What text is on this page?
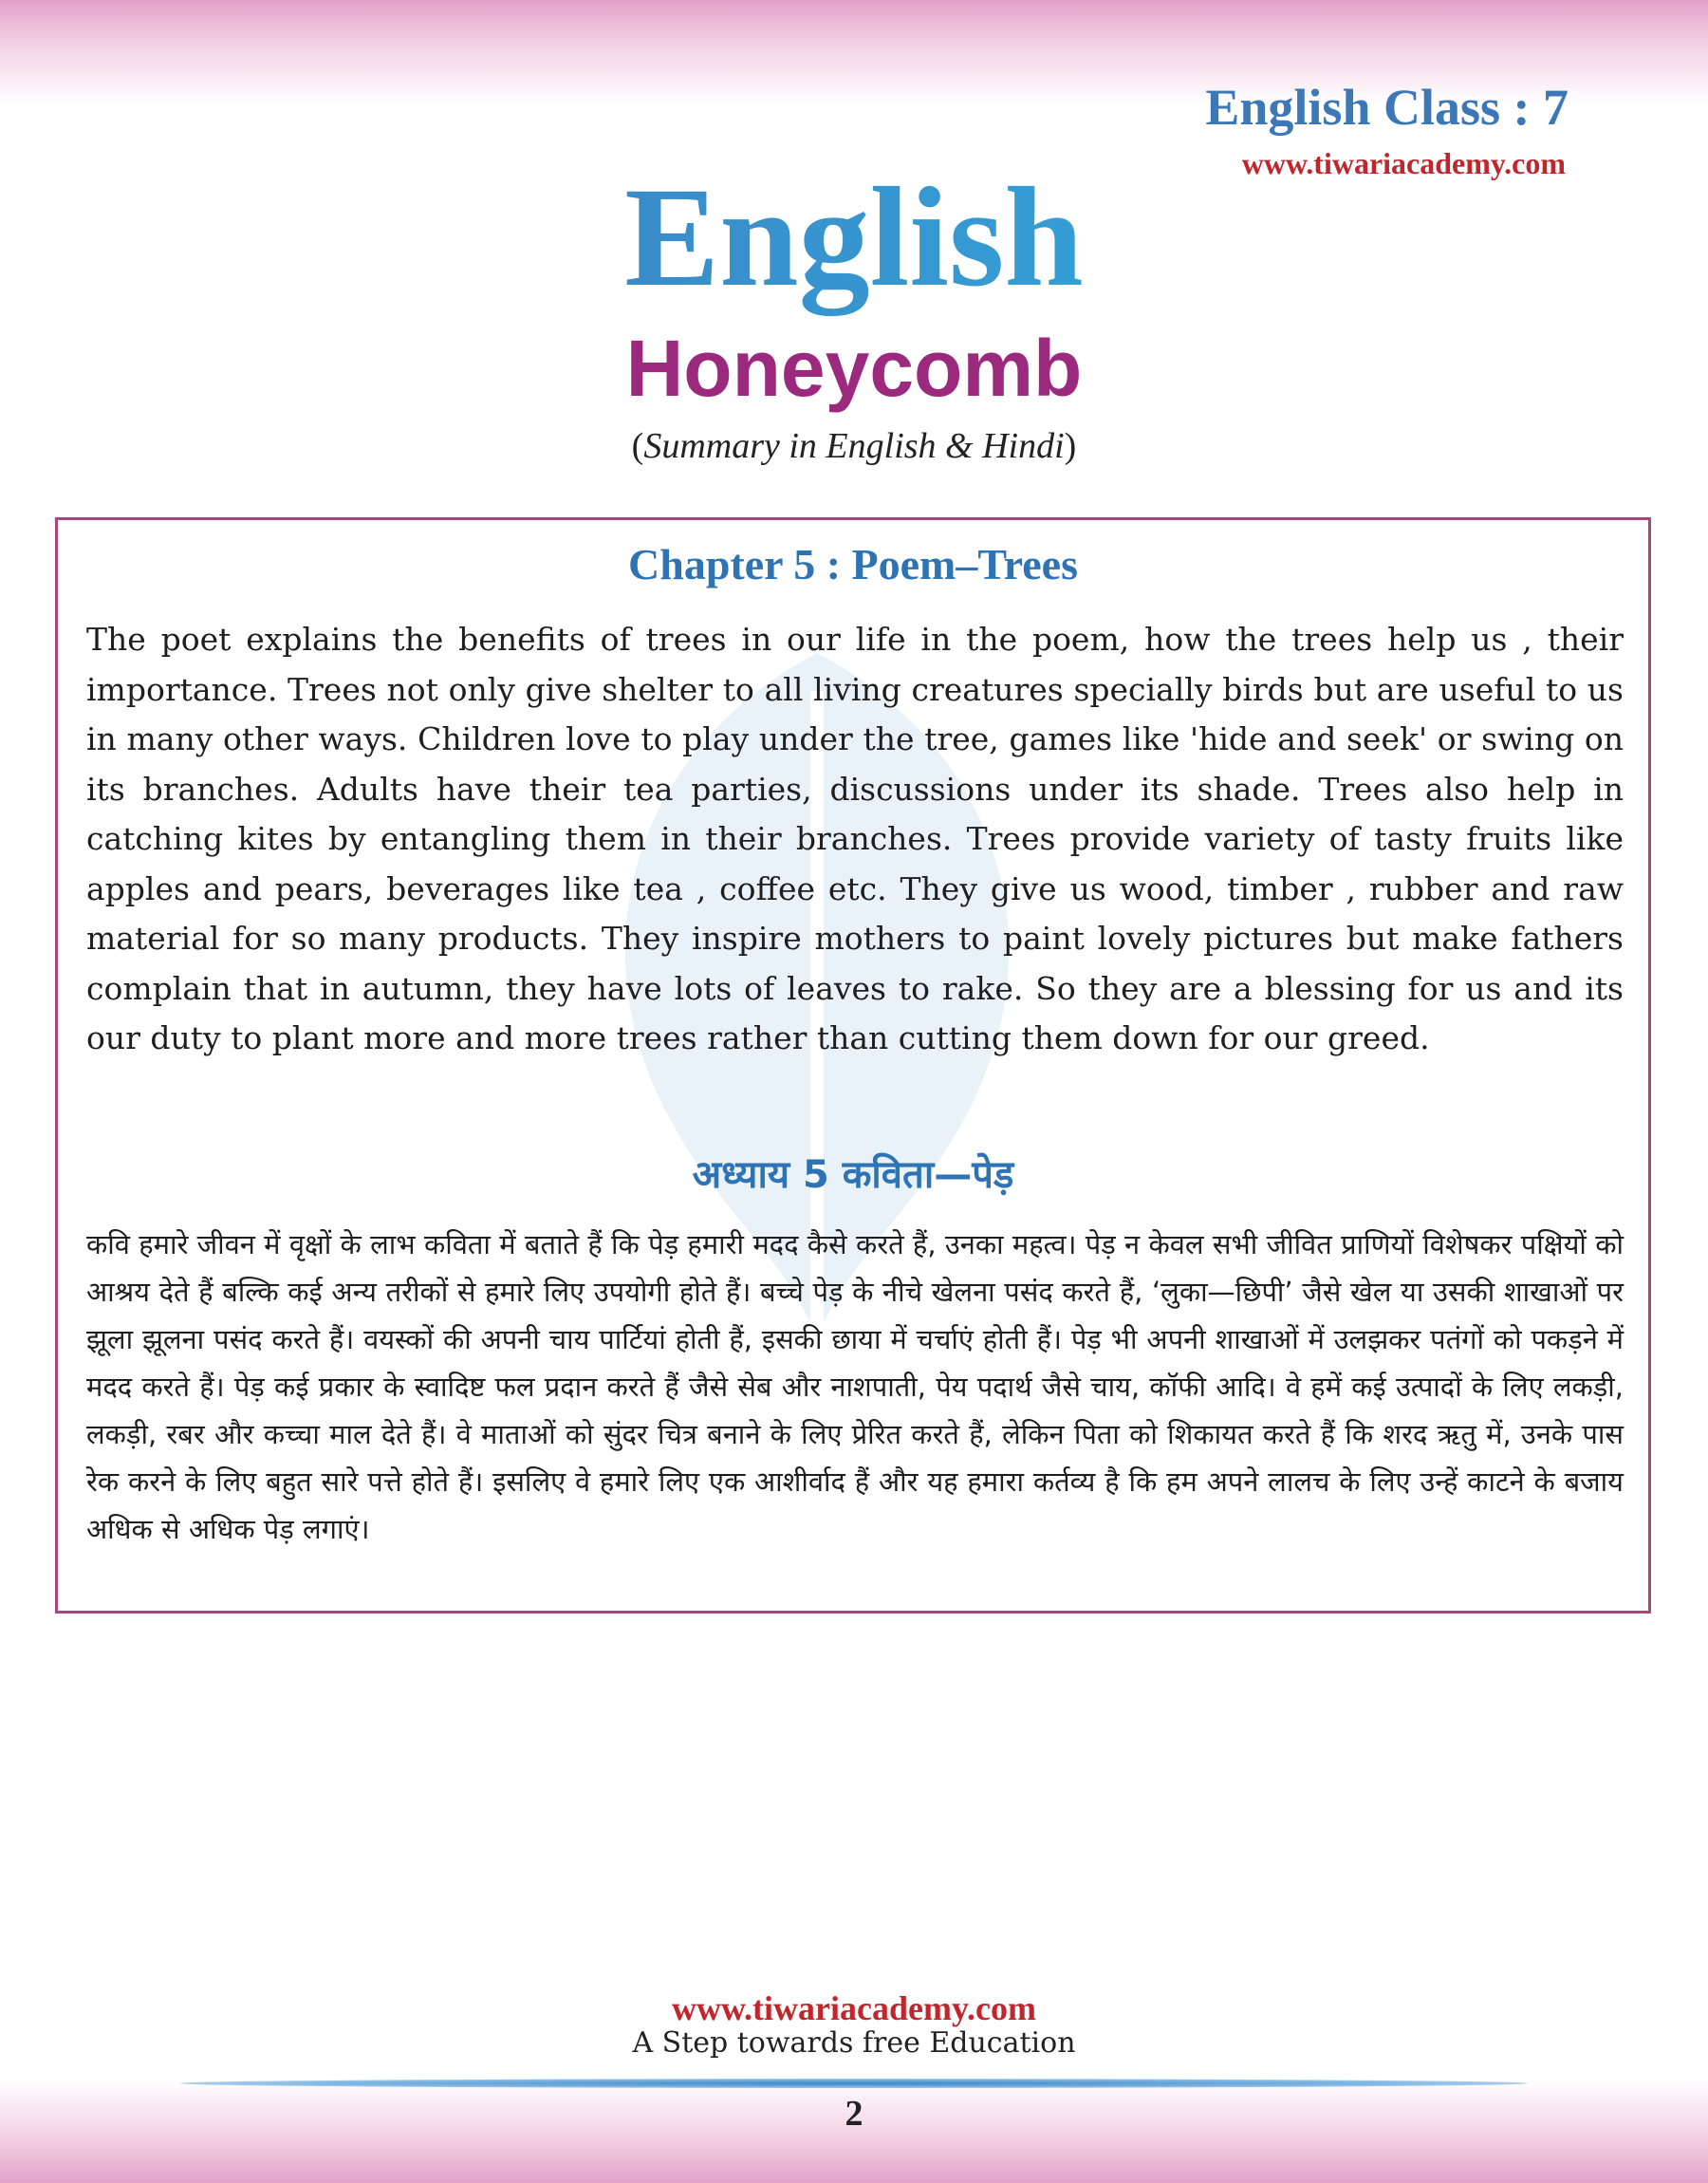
English Class : 7
English
Honeycomb
(Summary in English & Hindi)
Chapter 5 : Poem–Trees

The poet explains the benefits of trees in our life in the poem, how the trees help us , their importance. Trees not only give shelter to all living creatures specially birds but are useful to us in many other ways. Children love to play under the tree, games like 'hide and seek' or swing on its branches. Adults have their tea parties, discussions under its shade. Trees also help in catching kites by entangling them in their branches. Trees provide variety of tasty fruits like apples and pears, beverages like tea , coffee etc. They give us wood, timber , rubber and raw material for so many products. They inspire mothers to paint lovely pictures but make fathers complain that in autumn, they have lots of leaves to rake. So they are a blessing for us and its our duty to plant more and more trees rather than cutting them down for our greed.

अध्याय 5 कविता—पेड़

कवि हमारे जीवन में वृक्षों के लाभ कविता में बताते हैं कि पेड़ हमारी मदद कैसे करते हैं, उनका महत्व। पेड़ न केवल सभी जीवित प्राणियों विशेषकर पक्षियों को आश्रय देते हैं बल्कि कई अन्य तरीकों से हमारे लिए उपयोगी होते हैं। बच्चे पेड़ के नीचे खेलना पसंद करते हैं, ‘लुका—छिपी’ जैसे खेल या उसकी शाखाओं पर झूला झूलना पसंद करते हैं। वयस्कों की अपनी चाय पार्टियां होती हैं, इसकी छाया में चर्चाएं होती हैं। पेड़ भी अपनी शाखाओं में उलझकर पतंगों को पकड़ने में मदद करते हैं। पेड़ कई प्रकार के स्वादिष्ट फल प्रदान करते हैं जैसे सेब और नाशपाती, पेय पदार्थ जैसे चाय, कॉफी आदि। वे हमें कई उत्पादों के लिए लकड़ी, लकड़ी, रबर और कच्चा माल देते हैं। वे माताओं को सुंदर चित्र बनाने के लिए प्रेरित करते हैं, लेकिन पिता को शिकायत करते हैं कि शरद ऋतु में, उनके पास रेक करने के लिए बहुत सारे पत्ते होते हैं। इसलिए वे हमारे लिए एक आशीर्वाद हैं और यह हमारा कर्तव्य है कि हम अपने लालच के लिए उन्हें काटने के बजाय अधिक से अधिक पेड़ लगाएं।

www.tiwariacademy.com
A Step towards free Education
2
